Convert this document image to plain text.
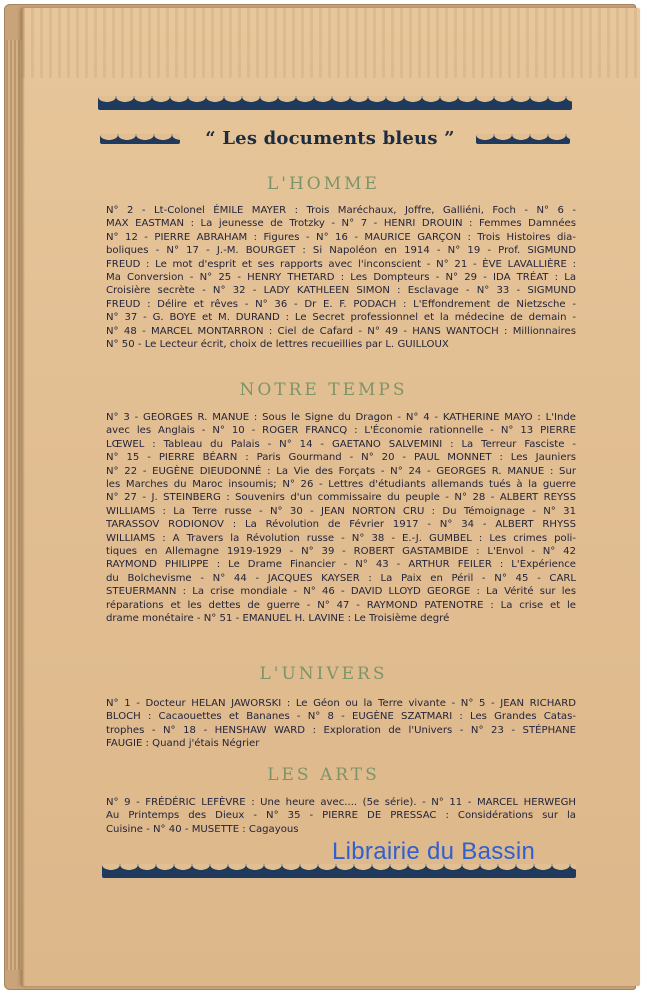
“ Les documents bleus ”
L'HOMME
N° 2 - Lt-Colonel ÉMILE MAYER : Trois Maréchaux, Joffre, Galliéni, Foch - N° 6 -
MAX EASTMAN : La jeunesse de Trotzky - N° 7 - HENRI DROUIN : Femmes Damnées
N° 12 - PIERRE ABRAHAM : Figures - N° 16 - MAURICE GARÇON : Trois Histoires dia-
boliques - N° 17 - J.-M. BOURGET : Si Napoléon en 1914 - N° 19 - Prof. SIGMUND
FREUD : Le mot d'esprit et ses rapports avec l'inconscient - N° 21 - ÈVE LAVALLIÈRE :
Ma Conversion - N° 25 - HENRY THETARD : Les Dompteurs - N° 29 - IDA TRÉAT : La
Croisière secrète - N° 32 - LADY KATHLEEN SIMON : Esclavage - N° 33 - SIGMUND
FREUD : Délire et rêves - N° 36 - Dr E. F. PODACH : L'Effondrement de Nietzsche -
N° 37 - G. BOYE et M. DURAND : Le Secret professionnel et la médecine de demain -
N° 48 - MARCEL MONTARRON : Ciel de Cafard - N° 49 - HANS WANTOCH : Millionnaires
N° 50 - Le Lecteur écrit, choix de lettres recueillies par L. GUILLOUX
NOTRE TEMPS
N° 3 - GEORGES R. MANUE : Sous le Signe du Dragon - N° 4 - KATHERINE MAYO : L'Inde
avec les Anglais - N° 10 - ROGER FRANCQ : L'Économie rationnelle - N° 13 PIERRE
LŒWEL : Tableau du Palais - N° 14 - GAETANO SALVEMINI : La Terreur Fasciste -
N° 15 - PIERRE BÉARN : Paris Gourmand - N° 20 - PAUL MONNET : Les Jauniers
N° 22 - EUGÈNE DIEUDONNÉ : La Vie des Forçats - N° 24 - GEORGES R. MANUE : Sur
les Marches du Maroc insoumis; N° 26 - Lettres d'étudiants allemands tués à la guerre
N° 27 - J. STEINBERG : Souvenirs d'un commissaire du peuple - N° 28 - ALBERT REYSS
WILLIAMS : La Terre russe - N° 30 - JEAN NORTON CRU : Du Témoignage - N° 31
TARASSOV RODIONOV : La Révolution de Février 1917 - N° 34 - ALBERT RHYSS
WILLIAMS : A Travers la Révolution russe - N° 38 - E.-J. GUMBEL : Les crimes poli-
tiques en Allemagne 1919-1929 - N° 39 - ROBERT GASTAMBIDE : L'Envol - N° 42
RAYMOND PHILIPPE : Le Drame Financier - N° 43 - ARTHUR FEILER : L'Expérience
du Bolchevisme - N° 44 - JACQUES KAYSER : La Paix en Péril - N° 45 - CARL
STEUERMANN : La crise mondiale - N° 46 - DAVID LLOYD GEORGE : La Vérité sur les
réparations et les dettes de guerre - N° 47 - RAYMOND PATENOTRE : La crise et le
drame monétaire - N° 51 - EMANUEL H. LAVINE : Le Troisième degré
L'UNIVERS
N° 1 - Docteur HELAN JAWORSKI : Le Géon ou la Terre vivante - N° 5 - JEAN RICHARD
BLOCH : Cacaouettes et Bananes - N° 8 - EUGÈNE SZATMARI : Les Grandes Catas-
trophes - N° 18 - HENSHAW WARD : Exploration de l'Univers - N° 23 - STÉPHANE
FAUGIE : Quand j'étais Négrier
LES ARTS
N° 9 - FRÉDÉRIC LEFÈVRE : Une heure avec.... (5e série). - N° 11 - MARCEL HERWEGH
Au Printemps des Dieux - N° 35 - PIERRE DE PRESSAC : Considérations sur la
Cuisine - N° 40 - MUSETTE : Cagayous
Librairie du Bassin
